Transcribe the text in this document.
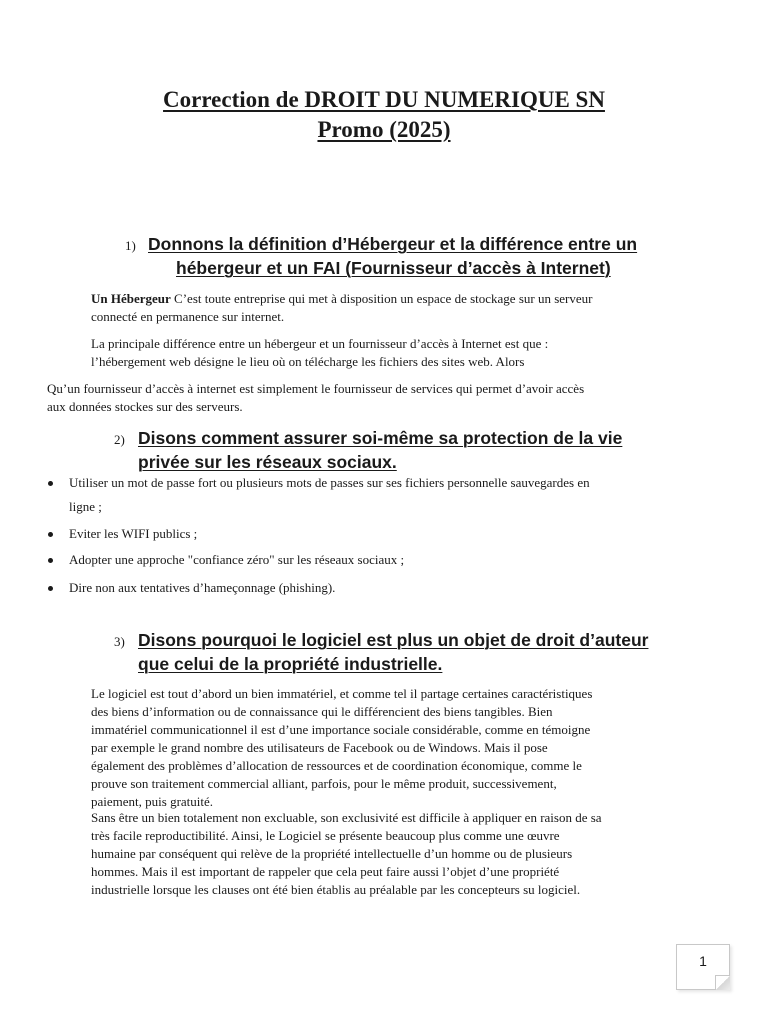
Correction de DROIT DU NUMERIQUE SN
Promo (2025)
1) Donnons la définition d’Hébergeur et la différence entre un
hébergeur et un FAI (Fournisseur d’accès à Internet)
Un Hébergeur C’est toute entreprise qui met à disposition un espace de stockage sur un serveur
connecté en permanence sur internet.
La principale différence entre un hébergeur et un fournisseur d’accès à Internet est que :
l’hébergement web désigne le lieu où on télécharge les fichiers des sites web. Alors
Qu’un fournisseur d’accès à internet est simplement le fournisseur de services qui permet d’avoir accès
aux données stockes sur des serveurs.
2) Disons comment assurer soi-même sa protection de la vie
privée sur les réseaux sociaux.
Utiliser un mot de passe fort ou plusieurs mots de passes sur ses fichiers personnelle sauvegardes en
ligne ;
Eviter les WIFI publics ;
Adopter une approche "confiance zéro" sur les réseaux sociaux ;
Dire non aux tentatives d’hameçonnage (phishing).
3) Disons pourquoi le logiciel est plus un objet de droit d’auteur
que celui de la propriété industrielle.
Le logiciel est tout d’abord un bien immatériel, et comme tel il partage certaines caractéristiques
des biens d’information ou de connaissance qui le différencient des biens tangibles. Bien
immatériel communicationnel il est d’une importance sociale considérable, comme en témoigne
par exemple le grand nombre des utilisateurs de Facebook ou de Windows. Mais il pose
également des problèmes d’allocation de ressources et de coordination économique, comme le
prouve son traitement commercial alliant, parfois, pour le même produit, successivement,
paiement, puis gratuité.
Sans être un bien totalement non excluable, son exclusivité est difficile à appliquer en raison de sa
très facile reproductibilité. Ainsi, le Logiciel se présente beaucoup plus comme une œuvre
humaine par conséquent qui relève de la propriété intellectuelle d’un homme ou de plusieurs
hommes. Mais il est important de rappeler que cela peut faire aussi l’objet d’une propriété
industrielle lorsque les clauses ont été bien établis au préalable par les concepteurs su logiciel.
1
